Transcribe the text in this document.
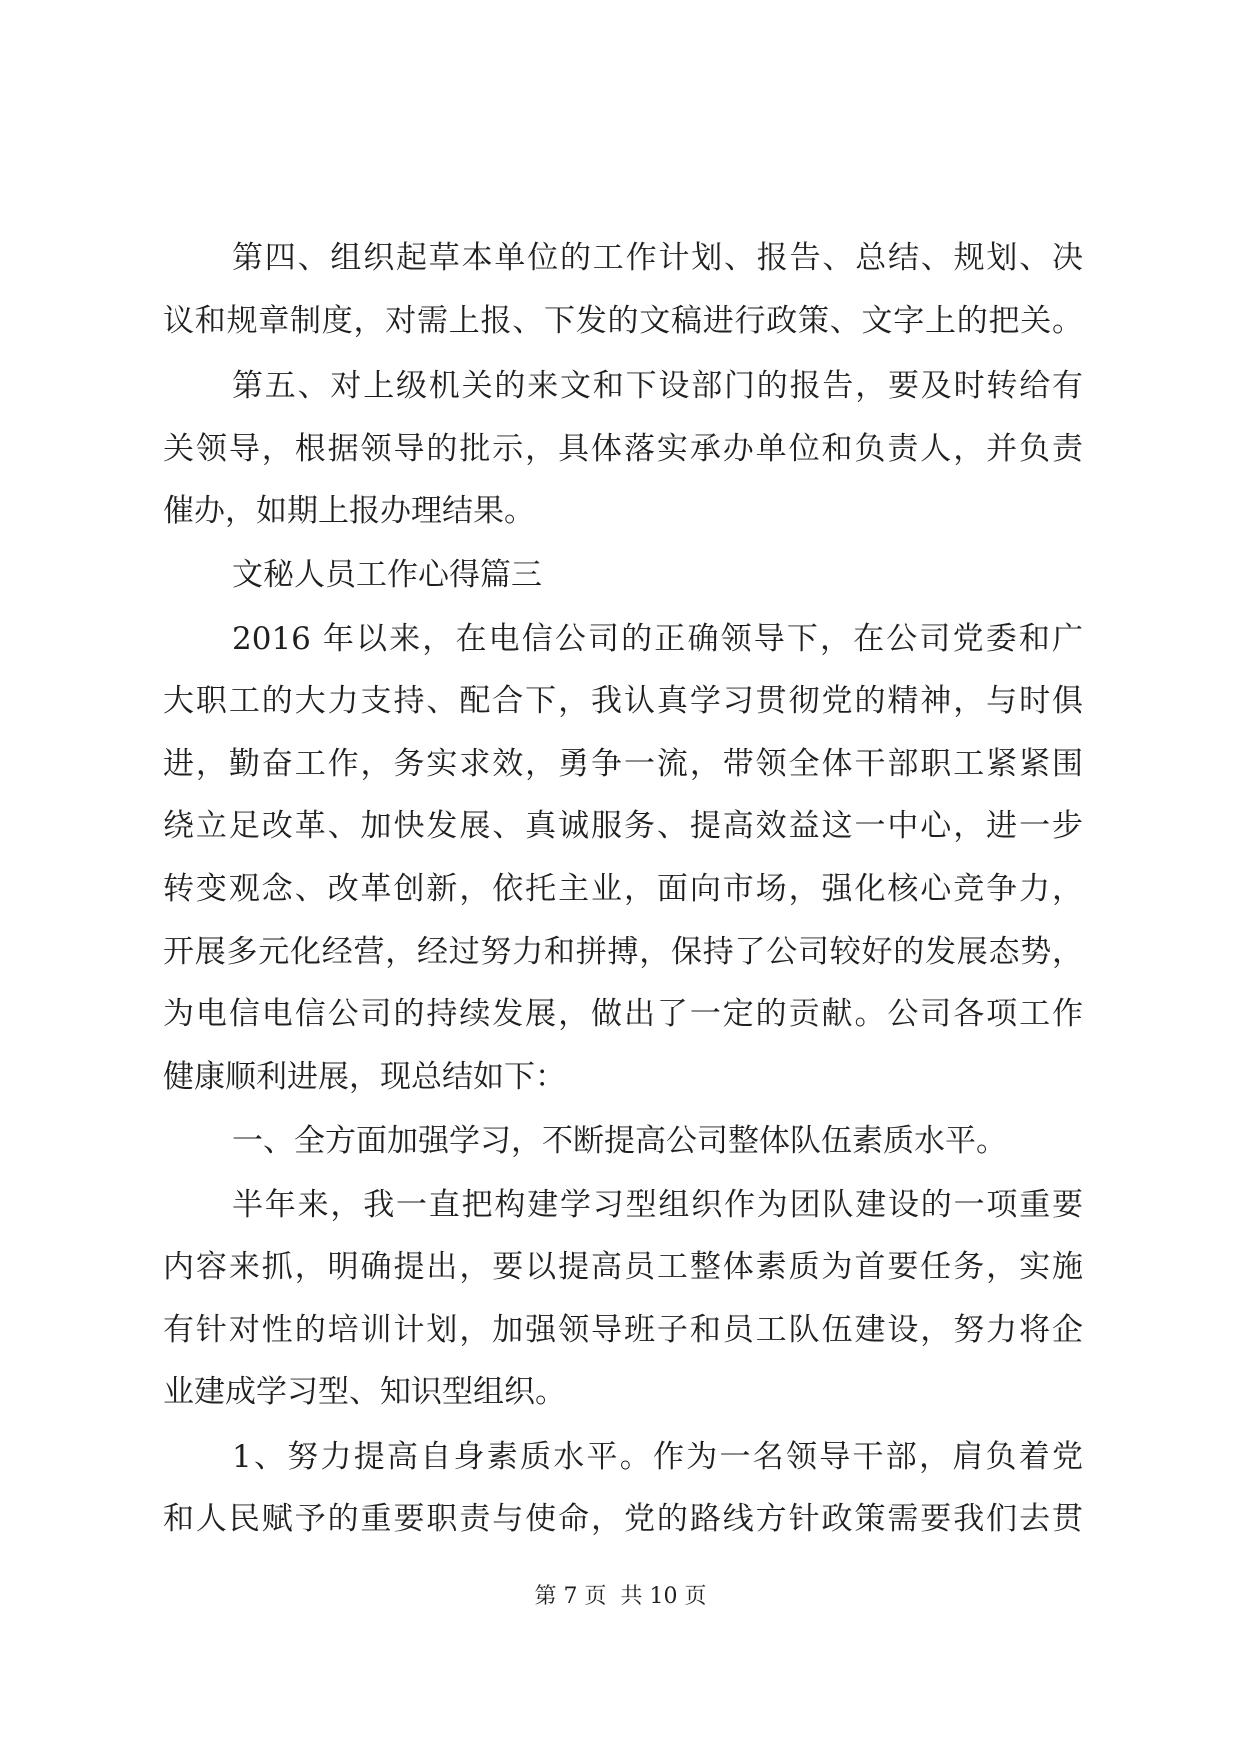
第四、组织起草本单位的工作计划、报告、总结、规划、决
议和规章制度，对需上报、下发的文稿进行政策、文字上的把关。
第五、对上级机关的来文和下设部门的报告，要及时转给有
关领导，根据领导的批示，具体落实承办单位和负责人，并负责
催办，如期上报办理结果。
文秘人员工作心得篇三
2016 年以来，在电信公司的正确领导下，在公司党委和广
大职工的大力支持、配合下，我认真学习贯彻党的精神，与时俱
进，勤奋工作，务实求效，勇争一流，带领全体干部职工紧紧围
绕立足改革、加快发展、真诚服务、提高效益这一中心，进一步
转变观念、改革创新，依托主业，面向市场，强化核心竞争力，
开展多元化经营，经过努力和拼搏，保持了公司较好的发展态势，
为电信电信公司的持续发展，做出了一定的贡献。公司各项工作
健康顺利进展，现总结如下：
一、全方面加强学习，不断提高公司整体队伍素质水平。
半年来，我一直把构建学习型组织作为团队建设的一项重要
内容来抓，明确提出，要以提高员工整体素质为首要任务，实施
有针对性的培训计划，加强领导班子和员工队伍建设，努力将企
业建成学习型、知识型组织。
1、努力提高自身素质水平。作为一名领导干部，肩负着党
和人民赋予的重要职责与使命，党的路线方针政策需要我们去贯
第 7 页  共 10 页
